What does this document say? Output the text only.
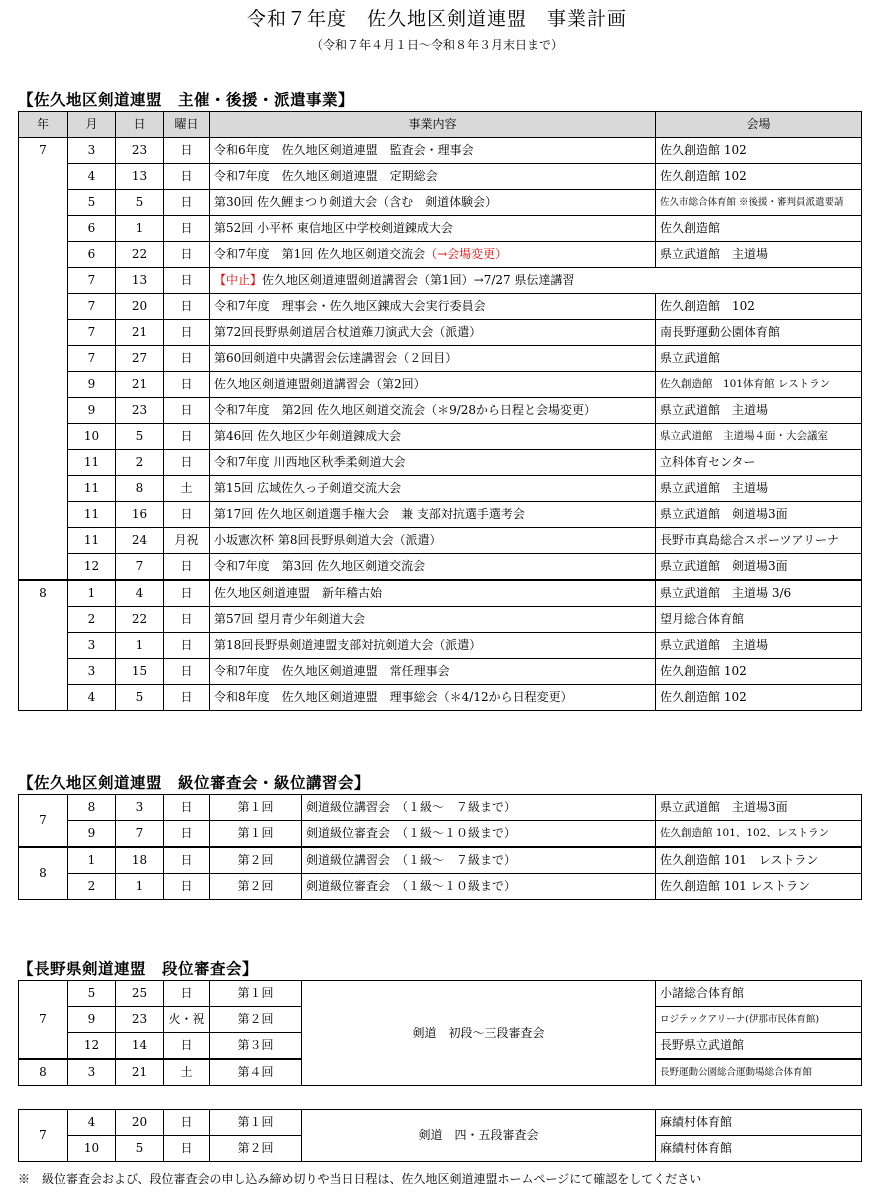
令和７年度　佐久地区剣道連盟　事業計画
（令和７年４月１日～令和８年３月末日まで）
【佐久地区剣道連盟　主催・後援・派遣事業】
年	月	日	曜日	事業内容	会場
7	3	23	日	令和6年度　佐久地区剣道連盟　監査会・理事会	佐久創造館 102
	4	13	日	令和7年度　佐久地区剣道連盟　定期総会	佐久創造館 102
	5	5	日	第30回 佐久鯉まつり剣道大会（含む　剣道体験会）	佐久市総合体育館 ※後援・審判員派遣要請
	6	1	日	第52回 小平杯 東信地区中学校剣道錬成大会	佐久創造館
	6	22	日	令和7年度　第1回 佐久地区剣道交流会（→会場変更）	県立武道館　主道場
	7	13	日	【中止】佐久地区剣道連盟剣道講習会（第1回）→7/27 県伝達講習	
	7	20	日	令和7年度　理事会・佐久地区錬成大会実行委員会	佐久創造館　102
	7	21	日	第72回長野県剣道居合杖道薙刀演武大会（派遣）	南長野運動公園体育館
	7	27	日	第60回剣道中央講習会伝達講習会（２回目）	県立武道館
	9	21	日	佐久地区剣道連盟剣道講習会（第2回）	佐久創造館　101体育館 レストラン
	9	23	日	令和7年度　第2回 佐久地区剣道交流会（＊9/28から日程と会場変更）	県立武道館　主道場
	10	5	日	第46回 佐久地区少年剣道錬成大会	県立武道館　主道場４面・大会議室
	11	2	日	令和7年度 川西地区秋季柔剣道大会	立科体育センター
	11	8	土	第15回 広域佐久っ子剣道交流大会	県立武道館　主道場
	11	16	日	第17回 佐久地区剣道選手権大会　兼 支部対抗選手選考会	県立武道館　剣道場3面
	11	24	月祝	小坂憲次杯 第8回長野県剣道大会（派遣）	長野市真島総合スポーツアリーナ
	12	7	日	令和7年度　第3回 佐久地区剣道交流会	県立武道館　剣道場3面
8	1	4	日	佐久地区剣道連盟　新年稽古始	県立武道館　主道場 3/6
	2	22	日	第57回 望月青少年剣道大会	望月総合体育館
	3	1	日	第18回長野県剣道連盟支部対抗剣道大会（派遣）	県立武道館　主道場
	3	15	日	令和7年度　佐久地区剣道連盟　常任理事会	佐久創造館 102
	4	5	日	令和8年度　佐久地区剣道連盟　理事総会（＊4/12から日程変更）	佐久創造館 102
【佐久地区剣道連盟　級位審査会・級位講習会】
7	8	3	日	第１回	剣道級位講習会　（１級～　７級まで）	県立武道館　主道場3面
	9	7	日	第１回	剣道級位審査会　（１級～１０級まで）	佐久創造館 101、102、レストラン
8	1	18	日	第２回	剣道級位講習会　（１級～　７級まで）	佐久創造館 101　レストラン
	2	1	日	第２回	剣道級位審査会　（１級～１０級まで）	佐久創造館 101 レストラン
【長野県剣道連盟　段位審査会】
7	5	25	日	第１回	剣道　初段～三段審査会	小諸総合体育館
	9	23	火・祝	第２回		ロジテックアリーナ(伊那市民体育館)
	12	14	日	第３回		長野県立武道館
8	3	21	土	第４回		長野運動公園総合運動場総合体育館
7	4	20	日	第１回	剣道　四・五段審査会	麻績村体育館
	10	5	日	第２回		麻績村体育館
※　級位審査会および、段位審査会の申し込み締め切りや当日日程は、佐久地区剣道連盟ホームページにて確認をしてください
